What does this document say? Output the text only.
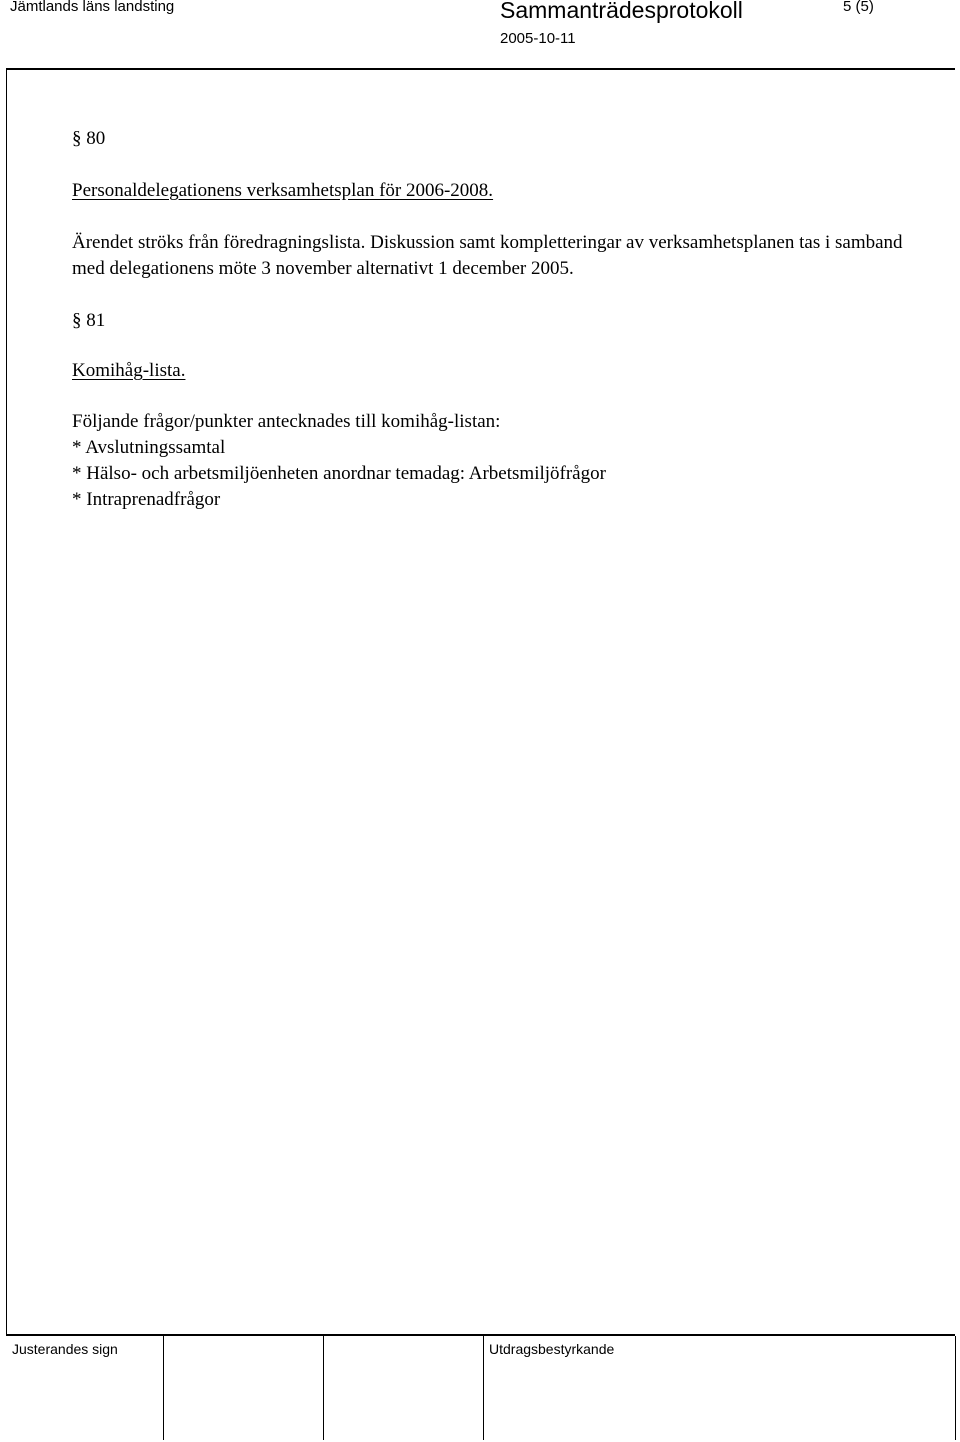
Jämtlands läns landsting	Sammanträdesprotokoll	5 (5)
2005-10-11
§ 80
Personaldelegationens verksamhetsplan för 2006-2008.
Ärendet ströks från föredragningslista. Diskussion samt kompletteringar av verksamhetsplanen tas i samband med delegationens möte 3 november alternativt 1 december 2005.
§ 81
Komihåg-lista.
Följande frågor/punkter antecknades till komihåg-listan:
* Avslutningssamtal
* Hälso- och arbetsmiljöenheten anordnar temadag: Arbetsmiljöfrågor
* Intraprenadfrågor
Justerandes sign	Utdragsbestyrkande
